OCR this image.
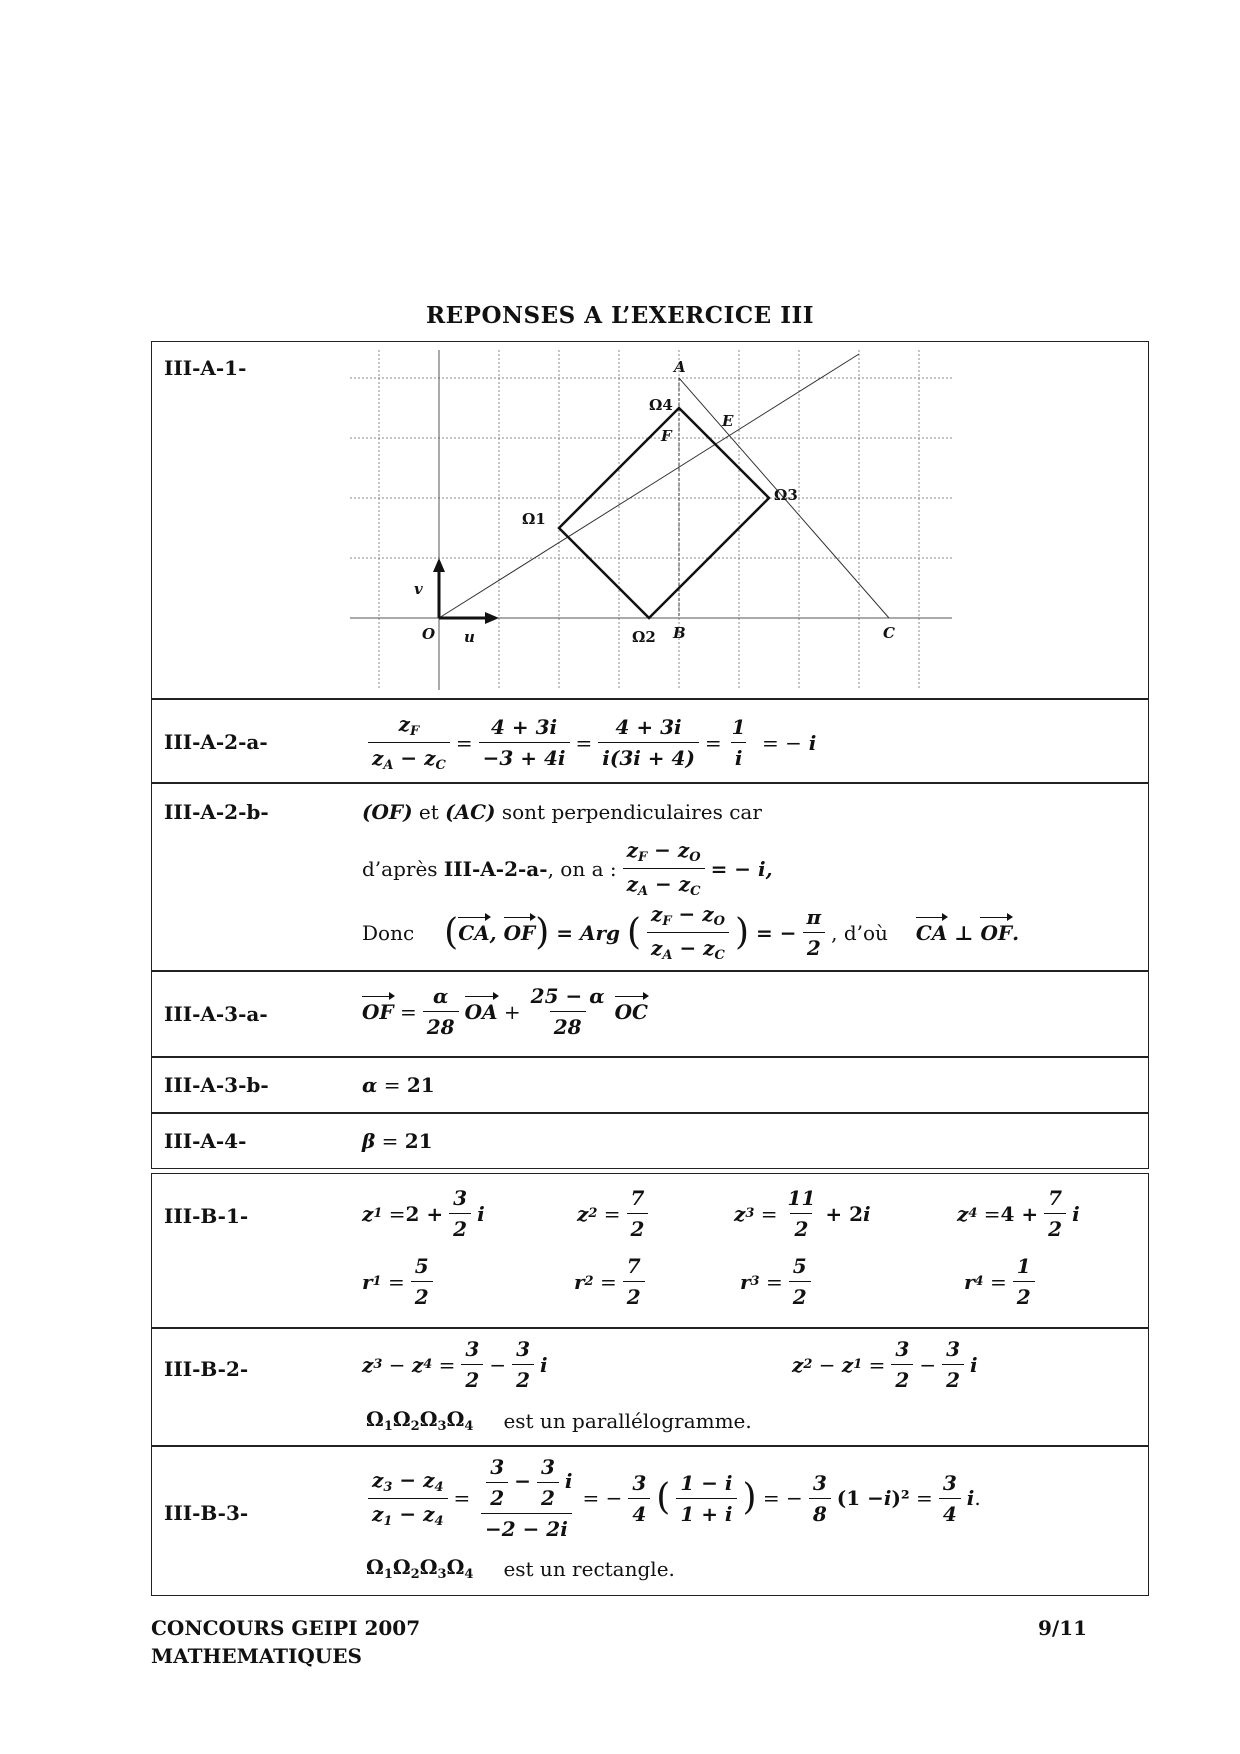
REPONSES A L’EXERCICE III
III-A-1-	A
B	C
E
F
O
Ω1
Ω2
Ω3
Ω4
u
v
III-A-2-a-	$\frac{z_F}{z_A - z_C} = \frac{4 + 3i}{-3 + 4i} = \frac{4 + 3i}{i(3i + 4)} = \frac{1}{i}$ = − i
III-A-2-b-	(OF)
et
(AC)
sont perpendiculaires car
d’après
III-A-2-a- , on a : $\frac{z_F - z_O}{z_A - z_C}$ = − i,
Donc ( CA, OF ) = Arg ( $\frac{z_F - z_O}{z_A - z_C}$ ) = − $\frac{\pi}{2}$ , d’où CA ⊥ OF.
III-A-3-a-	OF = $\frac{\alpha}{28}$ OA + $\frac{25 - \alpha}{28}$ OC
III-A-3-b-	α = 21
III-A-4-	β = 21
III-B-1-	z $1 = 2 + \frac{3}{2}$ i	z $2 = \frac{7}{2}$	z $3 = \frac{11}{2} + 2$ i	z $4 = 4 + \frac{7}{2}$ i
r $1 = \frac{5}{2}$	r $2 = \frac{7}{2}$	r $3 = \frac{5}{2}$	r $4 = \frac{1}{2}$
III-B-2-	z 3 − z $4 = \frac{3}{2} - \frac{3}{2}$ i	z 2 − z $1 = \frac{3}{2} - \frac{3}{2}$ i
$\Omega_1\Omega_2\Omega_3\Omega_4$ est un parallélogramme.
III-B-3-	$\frac{z_3 - z_4}{z_1 - z_4} = \frac{\frac{3}{2} - \frac{3}{2} i}{-2 - 2i}$ = − $\frac{3}{4}$ ( $\frac{1 - i}{1 + i}$ ) = − $\frac{3}{8} (1 - i$ )$^2 = \frac{3}{4}$ i .
$\Omega_1\Omega_2\Omega_3\Omega_4$ est un rectangle.
CONCOURS GEIPI 2007
MATHEMATIQUES
9/11
